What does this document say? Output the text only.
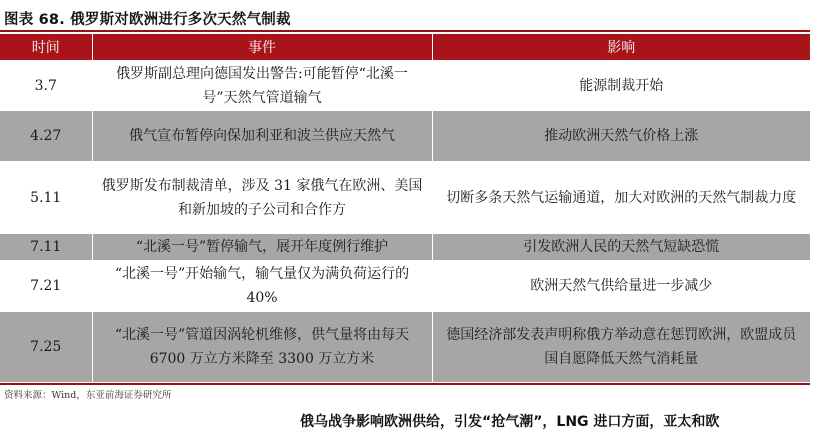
图表 68. 俄罗斯对欧洲进行多次天然气制裁
时间	事件	影响
3.7	俄罗斯副总理向德国发出警告:可能暂停“北溪一号”天然气管道输气	能源制裁开始
4.27	俄气宣布暂停向保加利亚和波兰供应天然气	推动欧洲天然气价格上涨
5.11	俄罗斯发布制裁清单，涉及 31 家俄气在欧洲、美国和新加坡的子公司和合作方	切断多条天然气运输通道，加大对欧洲的天然气制裁力度
7.11	“北溪一号”暂停输气，展开年度例行维护	引发欧洲人民的天然气短缺恐慌
7.21	“北溪一号”开始输气，输气量仅为满负荷运行的 40%	欧洲天然气供给量进一步减少
7.25	“北溪一号”管道因涡轮机维修，供气量将由每天 6700 万立方米降至 3300 万立方米	德国经济部发表声明称俄方举动意在惩罚欧洲，欧盟成员国自愿降低天然气消耗量
资料来源：Wind，东亚前海证券研究所
俄乌战争影响欧洲供给，引发“抢气潮”，LNG 进口方面，亚太和欧
